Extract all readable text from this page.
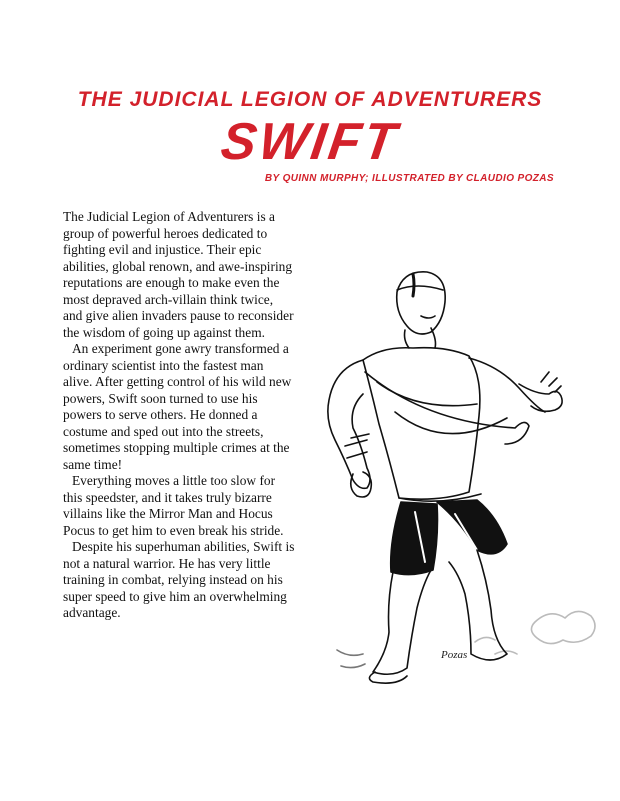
THE JUDICIAL LEGION OF ADVENTURERS
SWIFT

BY QUINN MURPHY; ILLUSTRATED BY CLAUDIO POZAS

The Judicial Legion of Adventurers is a group of powerful heroes dedicated to fighting evil and injustice. Their epic abilities, global renown, and awe-inspiring reputations are enough to make even the most depraved arch-villain think twice, and give alien invaders pause to reconsider the wisdom of going up against them.

An experiment gone awry transformed a ordinary scientist into the fastest man alive. After getting control of his wild new powers, Swift soon turned to use his powers to serve others. He donned a costume and sped out into the streets, sometimes stopping multiple crimes at the same time!

Everything moves a little too slow for this speedster, and it takes truly bizarre villains like the Mirror Man and Hocus Pocus to get him to even break his stride.

Despite his superhuman abilities, Swift is not a natural warrior. He has very little training in combat, relying instead on his super speed to give him an overwhelming advantage.

Pozas
